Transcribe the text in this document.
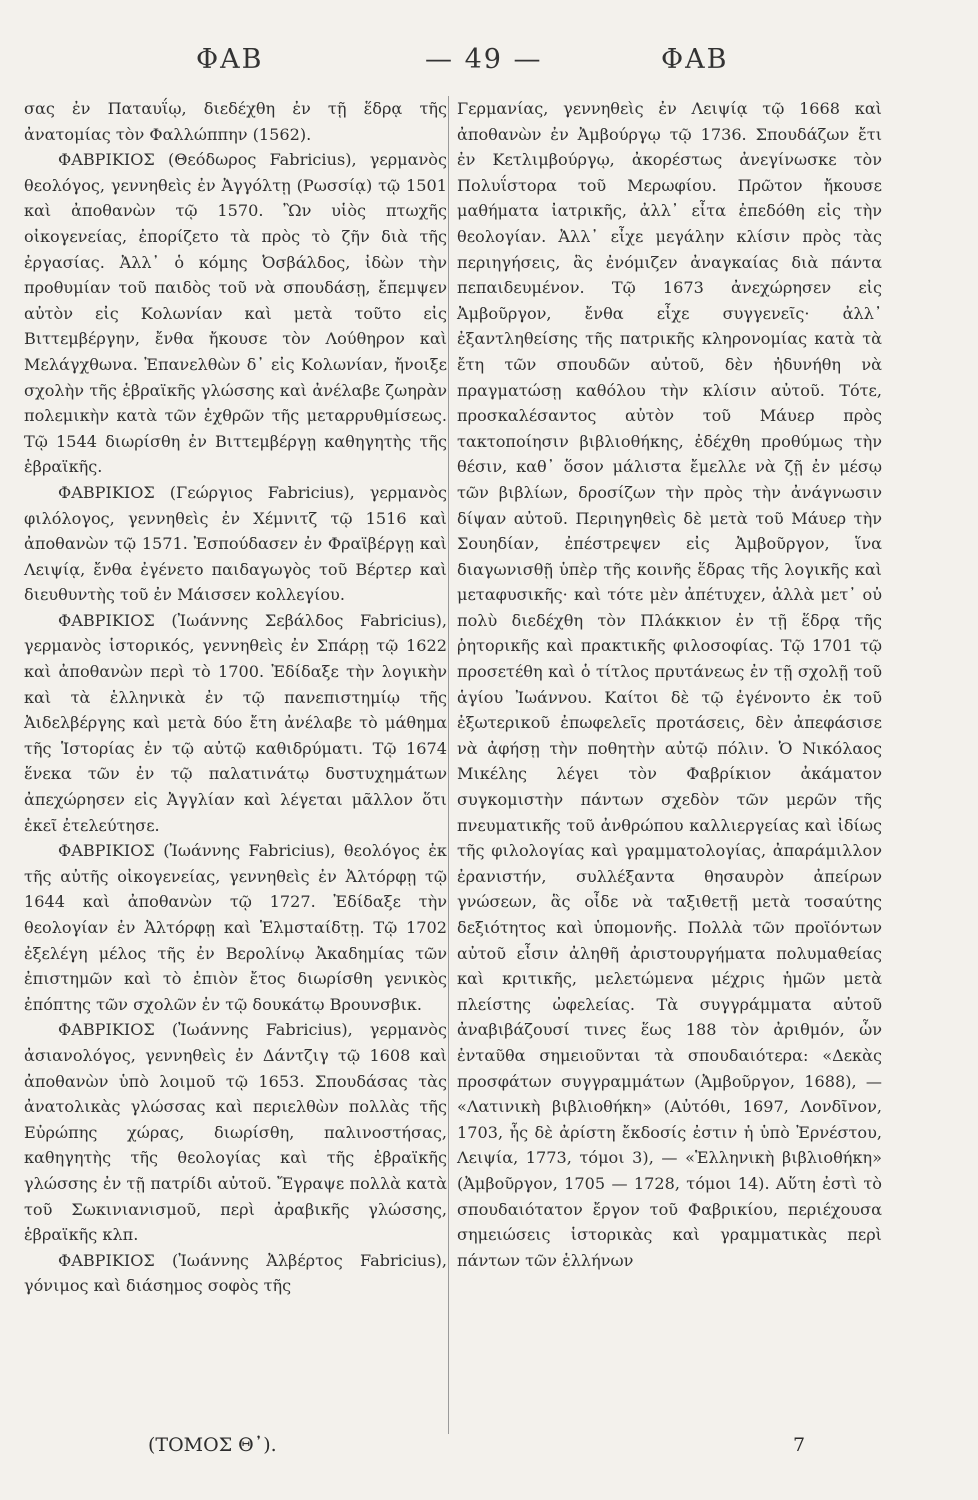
ΦΑΒ	— 49 —	ΦΑΒ

σας ἐν Παταυΐῳ, διεδέχθη ἐν τῇ ἕδρᾳ τῆς ἀνατομίας τὸν Φαλλώππην (1562).

ΦΑΒΡΙΚΙΟΣ (Θεόδωρος Fabricius), γερμανὸς θεολόγος, γεννηθεὶς ἐν Ἀγγόλτῃ (Ρωσσίᾳ) τῷ 1501 καὶ ἀποθανὼν τῷ 1570. Ὢν υἱὸς πτωχῆς οἰκογενείας, ἐπορίζετο τὰ πρὸς τὸ ζῆν διὰ τῆς ἐργασίας. Ἀλλ᾽ ὁ κόμης Ὀσβάλδος, ἰδὼν τὴν προθυμίαν τοῦ παιδὸς τοῦ νὰ σπουδάσῃ, ἔπεμψεν αὐτὸν εἰς Κολωνίαν καὶ μετὰ τοῦτο εἰς Βιττεμβέργην, ἔνθα ἤκουσε τὸν Λούθηρον καὶ Μελάγχθωνα. Ἐπανελθὼν δ᾽ εἰς Κολωνίαν, ἤνοιξε σχολὴν τῆς ἑβραϊκῆς γλώσσης καὶ ἀνέλαβε ζωηρὰν πολεμικὴν κατὰ τῶν ἐχθρῶν τῆς μεταρρυθμίσεως. Τῷ 1544 διωρίσθη ἐν Βιττεμβέργῃ καθηγητὴς τῆς ἑβραϊκῆς.

ΦΑΒΡΙΚΙΟΣ (Γεώργιος Fabricius), γερμανὸς φιλόλογος, γεννηθεὶς ἐν Χέμνιτζ τῷ 1516 καὶ ἀποθανὼν τῷ 1571. Ἐσπούδασεν ἐν Φραϊβέργῃ καὶ Λειψίᾳ, ἔνθα ἐγένετο παιδαγωγὸς τοῦ Βέρτερ καὶ διευθυντὴς τοῦ ἐν Μάισσεν κολλεγίου.

ΦΑΒΡΙΚΙΟΣ (Ἰωάννης Σεβάλδος Fabricius), γερμανὸς ἱστορικός, γεννηθεὶς ἐν Σπάρῃ τῷ 1622 καὶ ἀποθανὼν περὶ τὸ 1700. Ἐδίδαξε τὴν λογικὴν καὶ τὰ ἑλληνικὰ ἐν τῷ πανεπιστημίῳ τῆς Ἀιδελβέργης καὶ μετὰ δύο ἔτη ἀνέλαβε τὸ μάθημα τῆς Ἱστορίας ἐν τῷ αὐτῷ καθιδρύματι. Τῷ 1674 ἕνεκα τῶν ἐν τῷ παλατινάτῳ δυστυχημάτων ἀπεχώρησεν εἰς Ἀγγλίαν καὶ λέγεται μᾶλλον ὅτι ἐκεῖ ἐτελεύτησε.

ΦΑΒΡΙΚΙΟΣ (Ἰωάννης Fabricius), θεολόγος ἐκ τῆς αὐτῆς οἰκογενείας, γεννηθεὶς ἐν Ἀλτόρφῃ τῷ 1644 καὶ ἀποθανὼν τῷ 1727. Ἐδίδαξε τὴν θεολογίαν ἐν Ἀλτόρφῃ καὶ Ἑλμσταίδτῃ. Τῷ 1702 ἐξελέγη μέλος τῆς ἐν Βερολίνῳ Ἀκαδημίας τῶν ἐπιστημῶν καὶ τὸ ἐπιὸν ἔτος διωρίσθη γενικὸς ἐπόπτης τῶν σχολῶν ἐν τῷ δουκάτῳ Βρουνσβικ.

ΦΑΒΡΙΚΙΟΣ (Ἰωάννης Fabricius), γερμανὸς ἀσιανολόγος, γεννηθεὶς ἐν Δάντζιγ τῷ 1608 καὶ ἀποθανὼν ὑπὸ λοιμοῦ τῷ 1653. Σπουδάσας τὰς ἀνατολικὰς γλώσσας καὶ περιελθὼν πολλὰς τῆς Εὐρώπης χώρας, διωρίσθη, παλινοστήσας, καθηγητὴς τῆς θεολογίας καὶ τῆς ἑβραϊκῆς γλώσσης ἐν τῇ πατρίδι αὐτοῦ. Ἔγραψε πολλὰ κατὰ τοῦ Σωκινιανισμοῦ, περὶ ἀραβικῆς γλώσσης, ἑβραϊκῆς κλπ.

ΦΑΒΡΙΚΙΟΣ (Ἰωάννης Ἀλβέρτος Fabricius), γόνιμος καὶ διάσημος σοφὸς τῆς

Γερμανίας, γεννηθεὶς ἐν Λειψίᾳ τῷ 1668 καὶ ἀποθανὼν ἐν Ἀμβούργῳ τῷ 1736. Σπουδάζων ἔτι ἐν Κετλιμβούργῳ, ἀκορέστως ἀνεγίνωσκε τὸν Πολυΐστορα τοῦ Μερωφίου. Πρῶτον ἤκουσε μαθήματα ἰατρικῆς, ἀλλ᾽ εἶτα ἐπεδόθη εἰς τὴν θεολογίαν. Ἀλλ᾽ εἶχε μεγάλην κλίσιν πρὸς τὰς περιηγήσεις, ἃς ἐνόμιζεν ἀναγκαίας διὰ πάντα πεπαιδευμένον. Τῷ 1673 ἀνεχώρησεν εἰς Ἀμβοῦργον, ἔνθα εἶχε συγγενεῖς· ἀλλ᾽ ἐξαντληθείσης τῆς πατρικῆς κληρονομίας κατὰ τὰ ἔτη τῶν σπουδῶν αὐτοῦ, δὲν ἠδυνήθη νὰ πραγματώσῃ καθόλου τὴν κλίσιν αὐτοῦ. Τότε, προσκαλέσαντος αὐτὸν τοῦ Μάυερ πρὸς τακτοποίησιν βιβλιοθήκης, ἐδέχθη προθύμως τὴν θέσιν, καθ᾽ ὅσον μάλιστα ἔμελλε νὰ ζῇ ἐν μέσῳ τῶν βιβλίων, δροσίζων τὴν πρὸς τὴν ἀνάγνωσιν δίψαν αὐτοῦ. Περιηγηθεὶς δὲ μετὰ τοῦ Μάυερ τὴν Σουηδίαν, ἐπέστρεψεν εἰς Ἀμβοῦργον, ἵνα διαγωνισθῇ ὑπὲρ τῆς κοινῆς ἕδρας τῆς λογικῆς καὶ μεταφυσικῆς· καὶ τότε μὲν ἀπέτυχεν, ἀλλὰ μετ᾽ οὐ πολὺ διεδέχθη τὸν Πλάκκιον ἐν τῇ ἕδρᾳ τῆς ῥητορικῆς καὶ πρακτικῆς φιλοσοφίας. Τῷ 1701 τῷ προσετέθη καὶ ὁ τίτλος πρυτάνεως ἐν τῇ σχολῇ τοῦ ἁγίου Ἰωάννου. Καίτοι δὲ τῷ ἐγένοντο ἐκ τοῦ ἐξωτερικοῦ ἐπωφελεῖς προτάσεις, δὲν ἀπεφάσισε νὰ ἀφήσῃ τὴν ποθητὴν αὐτῷ πόλιν. Ὁ Νικόλαος Μικέλης λέγει τὸν Φαβρίκιον ἀκάματον συγκομιστὴν πάντων σχεδὸν τῶν μερῶν τῆς πνευματικῆς τοῦ ἀνθρώπου καλλιεργείας καὶ ἰδίως τῆς φιλολογίας καὶ γραμματολογίας, ἀπαράμιλλον ἐρανιστήν, συλλέξαντα θησαυρὸν ἀπείρων γνώσεων, ἃς οἶδε νὰ ταξιθετῇ μετὰ τοσαύτης δεξιότητος καὶ ὑπομονῆς. Πολλὰ τῶν προϊόντων αὐτοῦ εἶσιν ἀληθῆ ἀριστουργήματα πολυμαθείας καὶ κριτικῆς, μελετώμενα μέχρις ἡμῶν μετὰ πλείστης ὠφελείας. Τὰ συγγράμματα αὐτοῦ ἀναβιβάζουσί τινες ἕως 188 τὸν ἀριθμόν, ὧν ἐνταῦθα σημειοῦνται τὰ σπουδαιότερα: «Δεκὰς προσφάτων συγγραμμάτων (Ἀμβοῦργον, 1688), — «Λατινικὴ βιβλιοθήκη» (Αὐτόθι, 1697, Λονδῖνον, 1703, ἧς δὲ ἀρίστη ἔκδοσίς ἐστιν ἡ ὑπὸ Ἐρνέστου, Λειψία, 1773, τόμοι 3), — «Ἑλληνικὴ βιβλιοθήκη» (Ἀμβοῦργον, 1705 — 1728, τόμοι 14). Αὕτη ἐστὶ τὸ σπουδαιότατον ἔργον τοῦ Φαβρικίου, περιέχουσα σημειώσεις ἱστορικὰς καὶ γραμματικὰς περὶ πάντων τῶν ἑλλήνων

(ΤΟΜΟΣ Θ᾽).	7
